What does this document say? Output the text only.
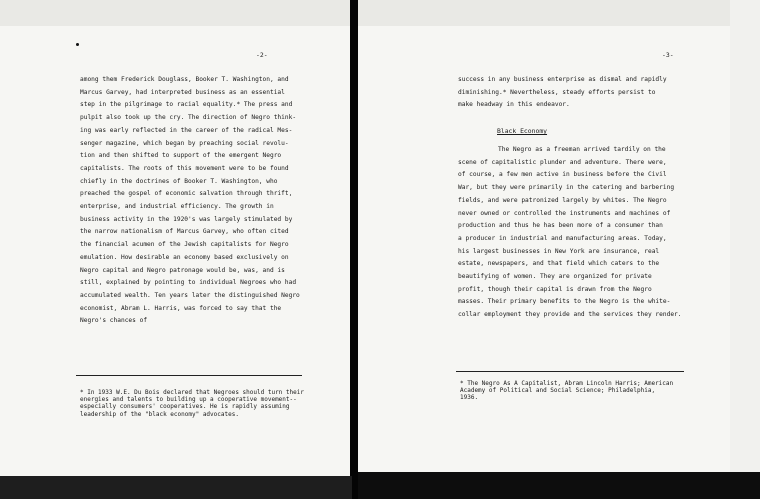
-2-
among them Frederick Douglass, Booker T. Washington, and
Marcus Garvey, had interpreted business as an essential
step in the pilgrimage to racial equality.* The press and
pulpit also took up the cry. The direction of Negro think-
ing was early reflected in the career of the radical Mes-
senger magazine, which began by preaching social revolu-
tion and then shifted to support of the emergent Negro
capitalists. The roots of this movement were to be found
chiefly in the doctrines of Booker T. Washington, who
preached the gospel of economic salvation through thrift,
enterprise, and industrial efficiency. The growth in
business activity in the 1920's was largely stimulated by
the narrow nationalism of Marcus Garvey, who often cited
the financial acumen of the Jewish capitalists for Negro
emulation. How desirable an economy based exclusively on
Negro capital and Negro patronage would be, was, and is
still, explained by pointing to individual Negroes who had
accumulated wealth. Ten years later the distinguished Negro
economist, Abram L. Harris, was forced to say that the
Negro's chances of
* In 1933 W.E. Du Bois declared that Negroes should turn their
energies and talents to building up a cooperative movement--
especially consumers' cooperatives. He is rapidly assuming
leadership of the "black economy" advocates.
-3-
success in any business enterprise as dismal and rapidly
diminishing.* Nevertheless, steady efforts persist to
make headway in this endeavor.
Black Economy
The Negro as a freeman arrived tardily on the
scene of capitalistic plunder and adventure. There were,
of course, a few men active in business before the Civil
War, but they were primarily in the catering and barbering
fields, and were patronized largely by whites. The Negro
never owned or controlled the instruments and machines of
production and thus he has been more of a consumer than
a producer in industrial and manufacturing areas. Today,
his largest businesses in New York are insurance, real
estate, newspapers, and that field which caters to the
beautifying of women. They are organized for private
profit, though their capital is drawn from the Negro
masses. Their primary benefits to the Negro is the white-
collar employment they provide and the services they render.
* The Negro As A Capitalist, Abram Lincoln Harris; American
Academy of Political and Social Science; Philadelphia,
1936.
